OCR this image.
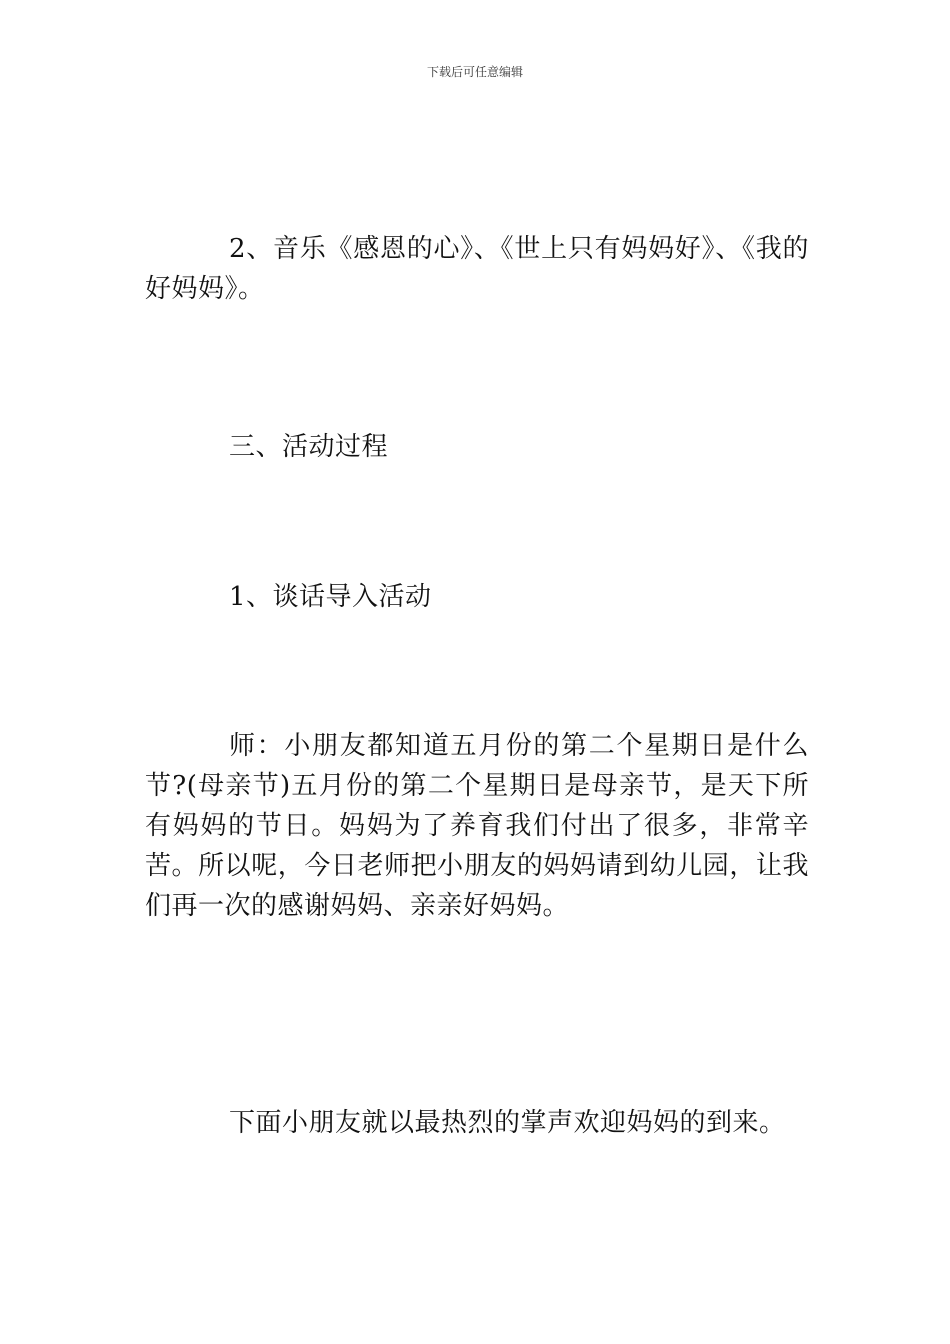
下载后可任意编辑

2、音乐《感恩的心》、《世上只有妈妈好》、《我的好妈妈》。

三、活动过程

1、谈话导入活动

师：小朋友都知道五月份的第二个星期日是什么节?(母亲节)五月份的第二个星期日是母亲节，是天下所有妈妈的节日。妈妈为了养育我们付出了很多，非常辛苦。所以呢，今日老师把小朋友的妈妈请到幼儿园，让我们再一次的感谢妈妈、亲亲好妈妈。

下面小朋友就以最热烈的掌声欢迎妈妈的到来。
